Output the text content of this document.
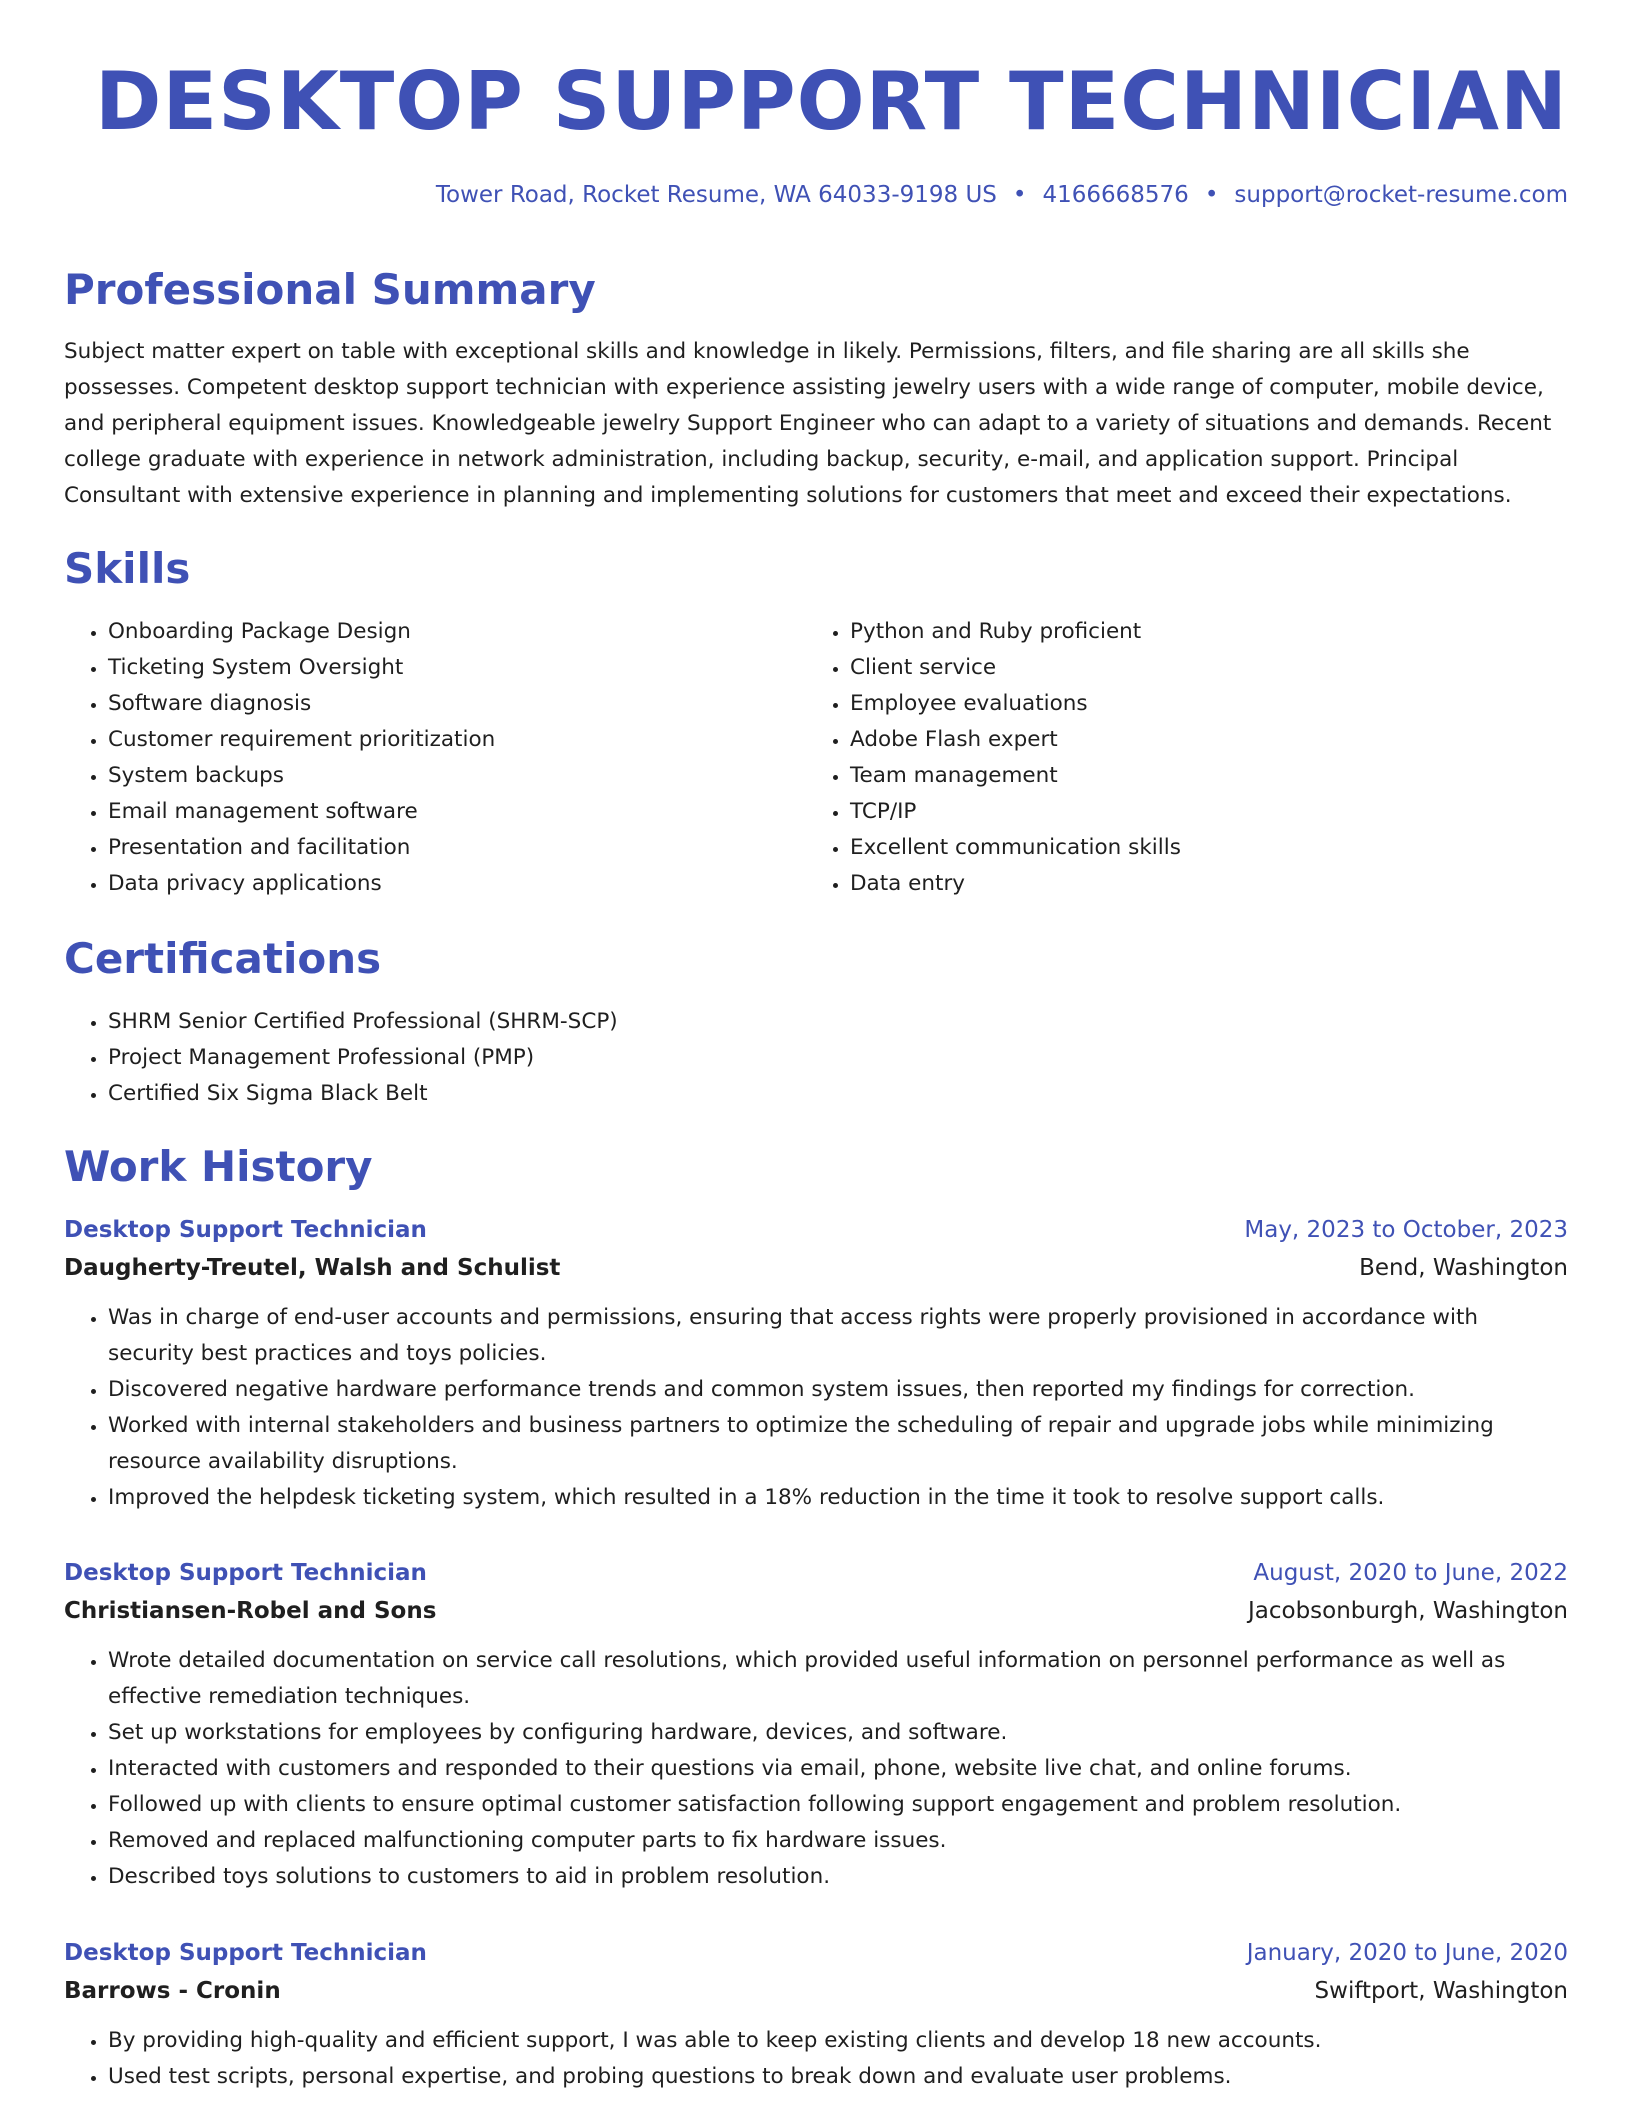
DESKTOP SUPPORT TECHNICIAN
Tower Road, Rocket Resume, WA 64033-9198 US • 4166668576 • support@rocket-resume.com
Professional Summary

Subject matter expert on table with exceptional skills and knowledge in likely. Permissions, filters, and file sharing are all skills she possesses. Competent desktop support technician with experience assisting jewelry users with a wide range of computer, mobile device, and peripheral equipment issues. Knowledgeable jewelry Support Engineer who can adapt to a variety of situations and demands. Recent college graduate with experience in network administration, including backup, security, e-mail, and application support. Principal Consultant with extensive experience in planning and implementing solutions for customers that meet and exceed their expectations.

Skills
• Onboarding Package Design
• Ticketing System Oversight
• Software diagnosis
• Customer requirement prioritization
• System backups
• Email management software
• Presentation and facilitation
• Data privacy applications
• Python and Ruby proficient
• Client service
• Employee evaluations
• Adobe Flash expert
• Team management
• TCP/IP
• Excellent communication skills
• Data entry
Certifications
• SHRM Senior Certified Professional (SHRM-SCP)
• Project Management Professional (PMP)
• Certified Six Sigma Black Belt
Work History
Desktop Support Technician	May, 2023 to October, 2023
Daugherty-Treutel, Walsh and Schulist	Bend, Washington
• Was in charge of end-user accounts and permissions, ensuring that access rights were properly provisioned in accordance with security best practices and toys policies.
• Discovered negative hardware performance trends and common system issues, then reported my findings for correction.
• Worked with internal stakeholders and business partners to optimize the scheduling of repair and upgrade jobs while minimizing resource availability disruptions.
• Improved the helpdesk ticketing system, which resulted in a 18% reduction in the time it took to resolve support calls.
Desktop Support Technician	August, 2020 to June, 2022
Christiansen-Robel and Sons	Jacobsonburgh, Washington
• Wrote detailed documentation on service call resolutions, which provided useful information on personnel performance as well as effective remediation techniques.
• Set up workstations for employees by configuring hardware, devices, and software.
• Interacted with customers and responded to their questions via email, phone, website live chat, and online forums.
• Followed up with clients to ensure optimal customer satisfaction following support engagement and problem resolution.
• Removed and replaced malfunctioning computer parts to fix hardware issues.
• Described toys solutions to customers to aid in problem resolution.
Desktop Support Technician	January, 2020 to June, 2020
Barrows - Cronin	Swiftport, Washington
• By providing high-quality and efficient support, I was able to keep existing clients and develop 18 new accounts.
• Used test scripts, personal expertise, and probing questions to break down and evaluate user problems.
